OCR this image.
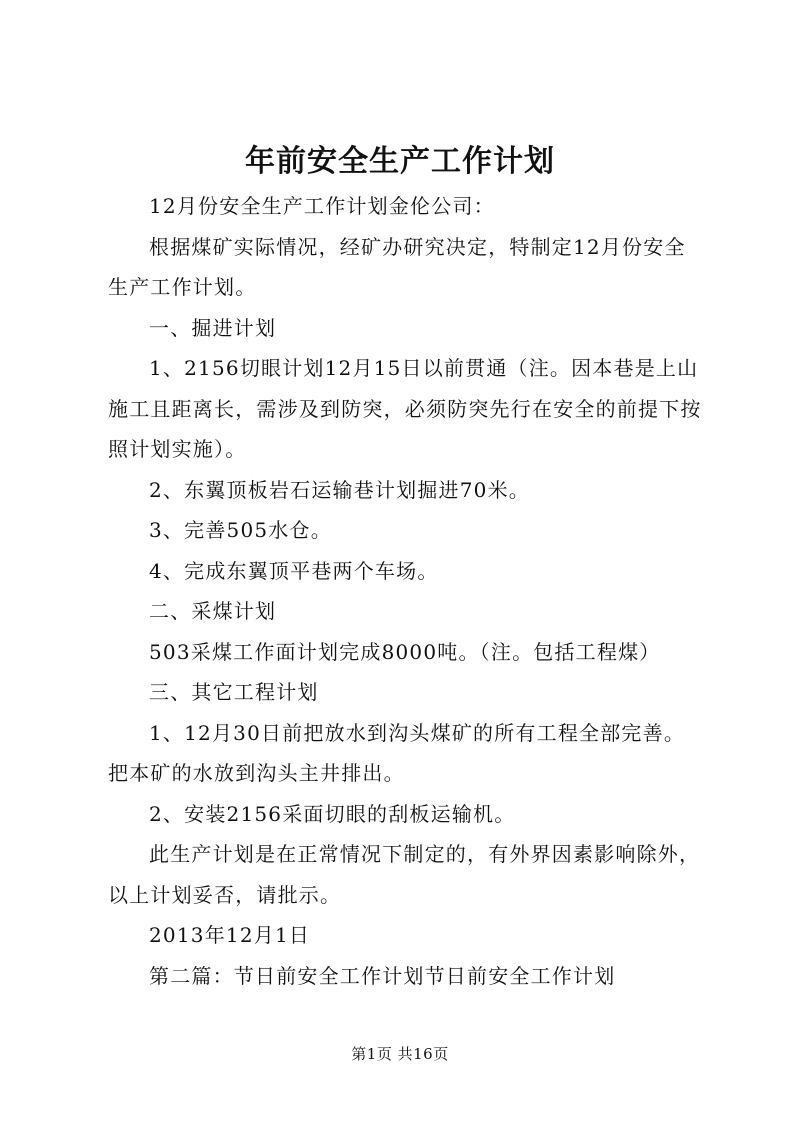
年前安全生产工作计划

12月份安全生产工作计划金伦公司：

根据煤矿实际情况，经矿办研究决定，特制定12月份安全生产工作计划。

一、掘进计划

1、2156切眼计划12月15日以前贯通（注。因本巷是上山施工且距离长，需涉及到防突，必须防突先行在安全的前提下按照计划实施）。

2、东翼顶板岩石运输巷计划掘进70米。

3、完善505水仓。

4、完成东翼顶平巷两个车场。

二、采煤计划

503采煤工作面计划完成8000吨。（注。包括工程煤）

三、其它工程计划

1、12月30日前把放水到沟头煤矿的所有工程全部完善。把本矿的水放到沟头主井排出。

2、安装2156采面切眼的刮板运输机。

此生产计划是在正常情况下制定的，有外界因素影响除外，以上计划妥否，请批示。

2013年12月1日

第二篇：节日前安全工作计划节日前安全工作计划

第1页 共16页
